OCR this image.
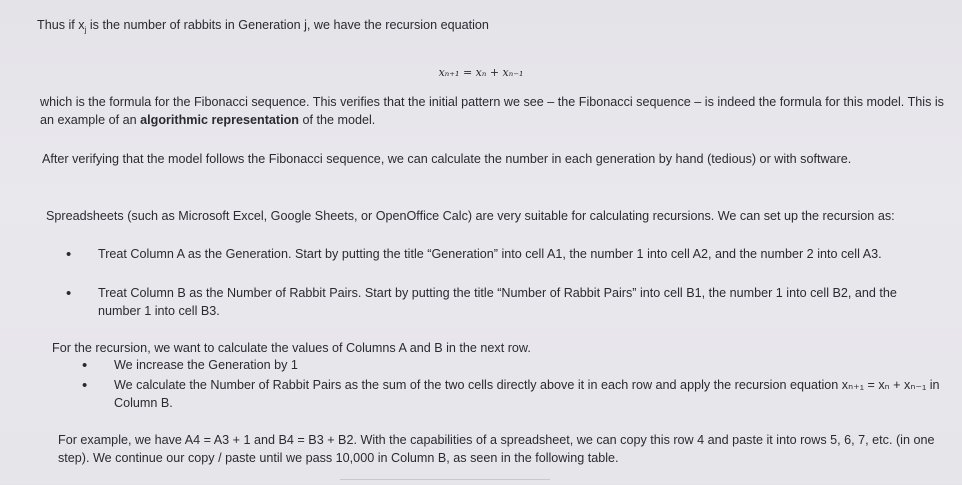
Thus if $x_j$ is the number of rabbits in Generation j, we have the recursion equation
xₙ₊₁ = xₙ + xₙ₋₁
which is the formula for the Fibonacci sequence. This verifies that the initial pattern we see – the Fibonacci sequence – is indeed the formula for this model. This is an example of an algorithmic representation of the model.
After verifying that the model follows the Fibonacci sequence, we can calculate the number in each generation by hand (tedious) or with software.
Spreadsheets (such as Microsoft Excel, Google Sheets, or OpenOffice Calc) are very suitable for calculating recursions. We can set up the recursion as:
•	Treat Column A as the Generation. Start by putting the title “Generation” into cell A1, the number 1 into cell A2, and the number 2 into cell A3.
•	Treat Column B as the Number of Rabbit Pairs. Start by putting the title “Number of Rabbit Pairs” into cell B1, the number 1 into cell B2, and the number 1 into cell B3.
For the recursion, we want to calculate the values of Columns A and B in the next row.
•	We increase the Generation by 1
•	We calculate the Number of Rabbit Pairs as the sum of the two cells directly above it in each row and apply the recursion equation xₙ₊₁ = xₙ + xₙ₋₁ in Column B.
For example, we have A4 = A3 + 1 and B4 = B3 + B2. With the capabilities of a spreadsheet, we can copy this row 4 and paste it into rows 5, 6, 7, etc. (in one step). We continue our copy / paste until we pass 10,000 in Column B, as seen in the following table.
